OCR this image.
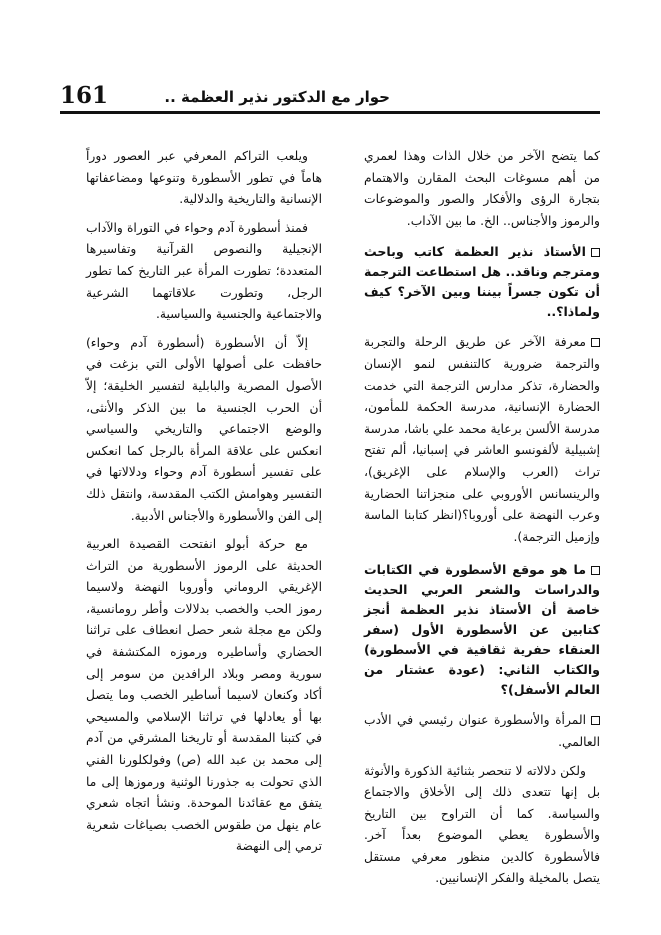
161	حوار مع الدكتور نذير العظمة ..

كما يتضح الآخر من خلال الذات وهذا لعمري من أهم مسوغات البحث المقارن والاهتمام بتجارة الرؤى والأفكار والصور والموضوعات والرموز والأجناس.. الخ. ما بين الآداب.

الأستاذ نذير العظمة كاتب وباحث ومترجم وناقد.. هل استطاعت الترجمة أن تكون جسراً بيننا وبين الآخر؟ كيف ولماذا؟..

معرفة الآخر عن طريق الرحلة والتجربة والترجمة ضرورية كالتنفس لنمو الإنسان والحضارة، تذكر مدارس الترجمة التي خدمت الحضارة الإنسانية، مدرسة الحكمة للمأمون، مدرسة الألسن برعاية محمد علي باشا، مدرسة إشبيلية لألفونسو العاشر في إسبانيا، ألم تفتح تراث (العرب والإسلام على الإغريق)، والرينسانس الأوروبي على منجزاتنا الحضارية وعرب النهضة على أوروبا؟(انظر كتابنا الماسة وإزميل الترجمة).

ما هو موقع الأسطورة في الكتابات والدراسات والشعر العربي الحديث خاصة أن الأستاذ نذير العظمة أنجز كتابين عن الأسطورة الأول (سفر العنقاء حفرية ثقافية في الأسطورة) والكتاب الثاني: (عودة عشتار من العالم الأسفل)؟

المرأة والأسطورة عنوان رئيسي في الأدب العالمي.

ولكن دلالاته لا تنحصر بثنائية الذكورة والأنوثة بل إنها تتعدى ذلك إلى الأخلاق والاجتماع والسياسة. كما أن التراوح بين التاريخ والأسطورة يعطي الموضوع بعداً آخر. فالأسطورة كالدين منظور معرفي مستقل يتصل بالمخيلة والفكر الإنسانيين.

ويلعب التراكم المعرفي عبر العصور دوراً هاماً في تطور الأسطورة وتنوعها ومضاعفاتها الإنسانية والتاريخية والدلالية.

فمنذ أسطورة آدم وحواء في التوراة والآداب الإنجيلية والنصوص القرآنية وتفاسيرها المتعددة؛ تطورت المرأة عبر التاريخ كما تطور الرجل، وتطورت علاقاتهما الشرعية والاجتماعية والجنسية والسياسية.

إلاّ أن الأسطورة (أسطورة آدم وحواء) حافظت على أصولها الأولى التي بزغت في الأصول المصرية والبابلية لتفسير الخليقة؛ إلاّ أن الحرب الجنسية ما بين الذكر والأنثى، والوضع الاجتماعي والتاريخي والسياسي انعكس على علاقة المرأة بالرجل كما انعكس على تفسير أسطورة آدم وحواء ودلالاتها في التفسير وهوامش الكتب المقدسة، وانتقل ذلك إلى الفن والأسطورة والأجناس الأدبية.

مع حركة أبولو انفتحت القصيدة العربية الحديثة على الرموز الأسطورية من التراث الإغريقي الروماني وأوروبا النهضة ولاسيما رموز الحب والخصب بدلالات وأطر رومانسية، ولكن مع مجلة شعر حصل انعطاف على تراثنا الحضاري وأساطيره ورموزه المكتشفة في سورية ومصر وبلاد الرافدين من سومر إلى أكاد وكنعان لاسيما أساطير الخصب وما يتصل بها أو يعادلها في تراثنا الإسلامي والمسيحي في كتبنا المقدسة أو تاريخنا المشرقي من آدم إلى محمد بن عبد الله (ص) وفولكلورنا الفني الذي تحولت به جذورنا الوثنية ورموزها إلى ما يتفق مع عقائدنا الموحدة. ونشأ اتجاه شعري عام ينهل من طقوس الخصب بصياغات شعرية ترمي إلى النهضة
